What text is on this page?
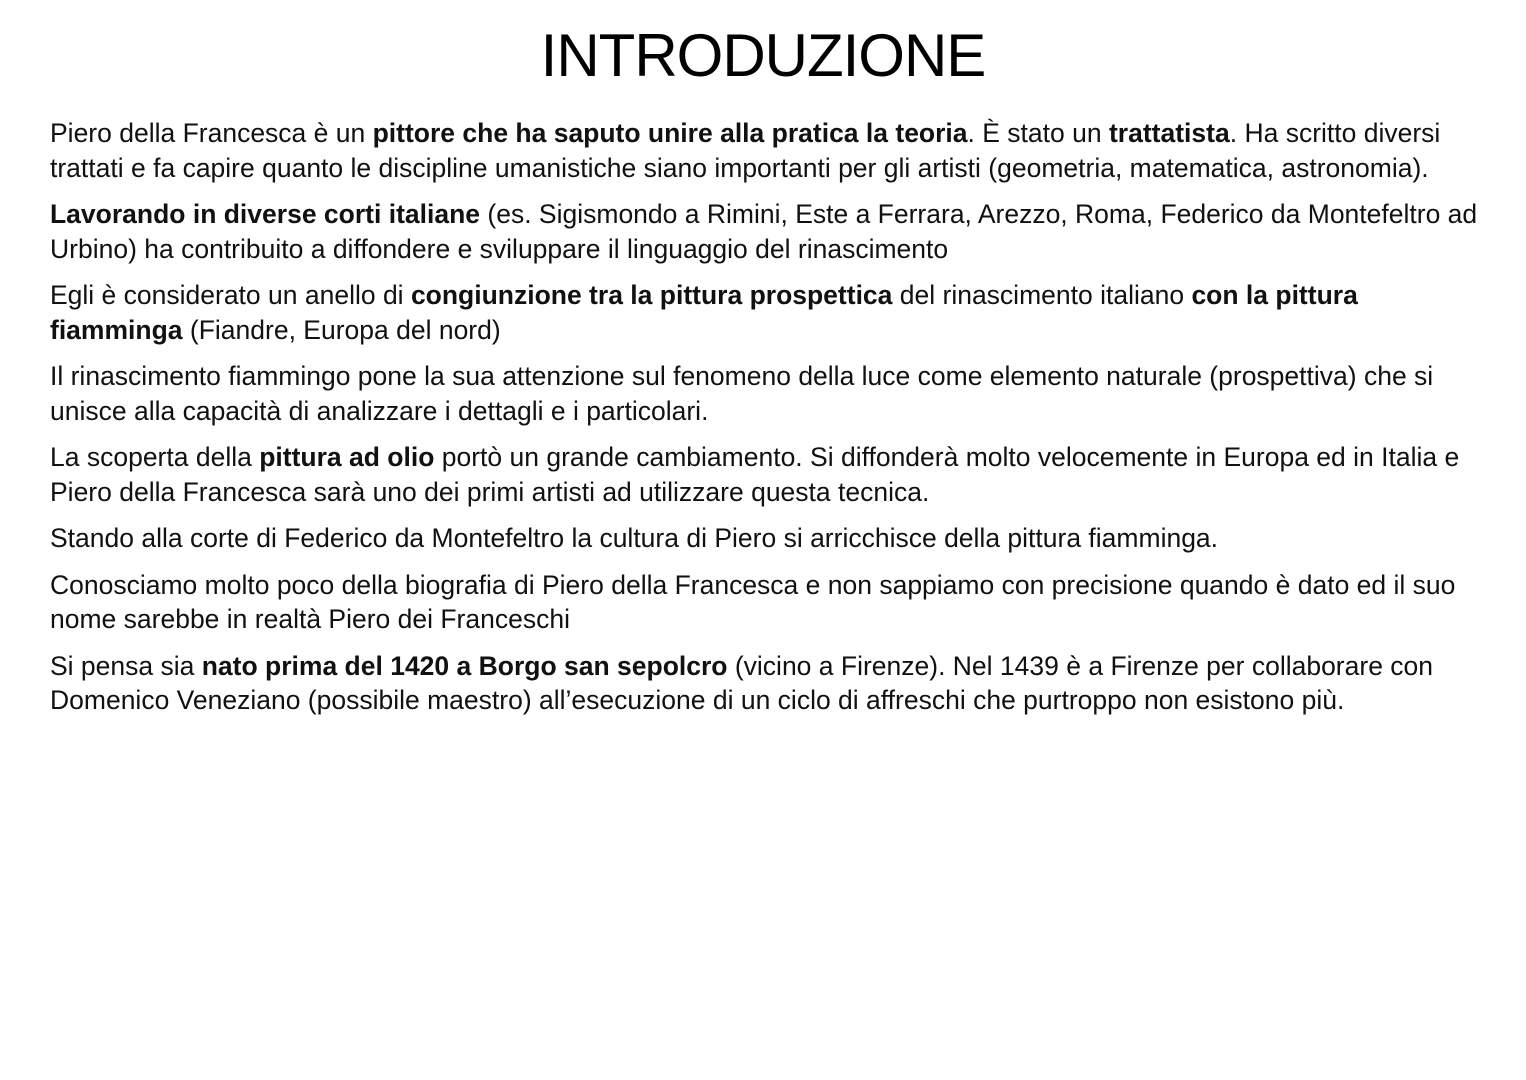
INTRODUZIONE

Piero della Francesca è un pittore che ha saputo unire alla pratica la teoria. È stato un trattatista. Ha scritto diversi trattati e fa capire quanto le discipline umanistiche siano importanti per gli artisti (geometria, matematica, astronomia).

Lavorando in diverse corti italiane (es. Sigismondo a Rimini, Este a Ferrara, Arezzo, Roma, Federico da Montefeltro ad Urbino) ha contribuito a diffondere e sviluppare il linguaggio del rinascimento

Egli è considerato un anello di congiunzione tra la pittura prospettica del rinascimento italiano con la pittura fiamminga (Fiandre, Europa del nord)

Il rinascimento fiammingo pone la sua attenzione sul fenomeno della luce come elemento naturale (prospettiva) che si unisce alla capacità di analizzare i dettagli e i particolari.

La scoperta della pittura ad olio portò un grande cambiamento. Si diffonderà molto velocemente in Europa ed in Italia e Piero della Francesca sarà uno dei primi artisti ad utilizzare questa tecnica.

Stando alla corte di Federico da Montefeltro la cultura di Piero si arricchisce della pittura fiamminga.

Conosciamo molto poco della biografia di Piero della Francesca e non sappiamo con precisione quando è dato ed il suo nome sarebbe in realtà Piero dei Franceschi

Si pensa sia nato prima del 1420 a Borgo san sepolcro (vicino a Firenze). Nel 1439 è a Firenze per collaborare con Domenico Veneziano (possibile maestro) all’esecuzione di un ciclo di affreschi che purtroppo non esistono più.
